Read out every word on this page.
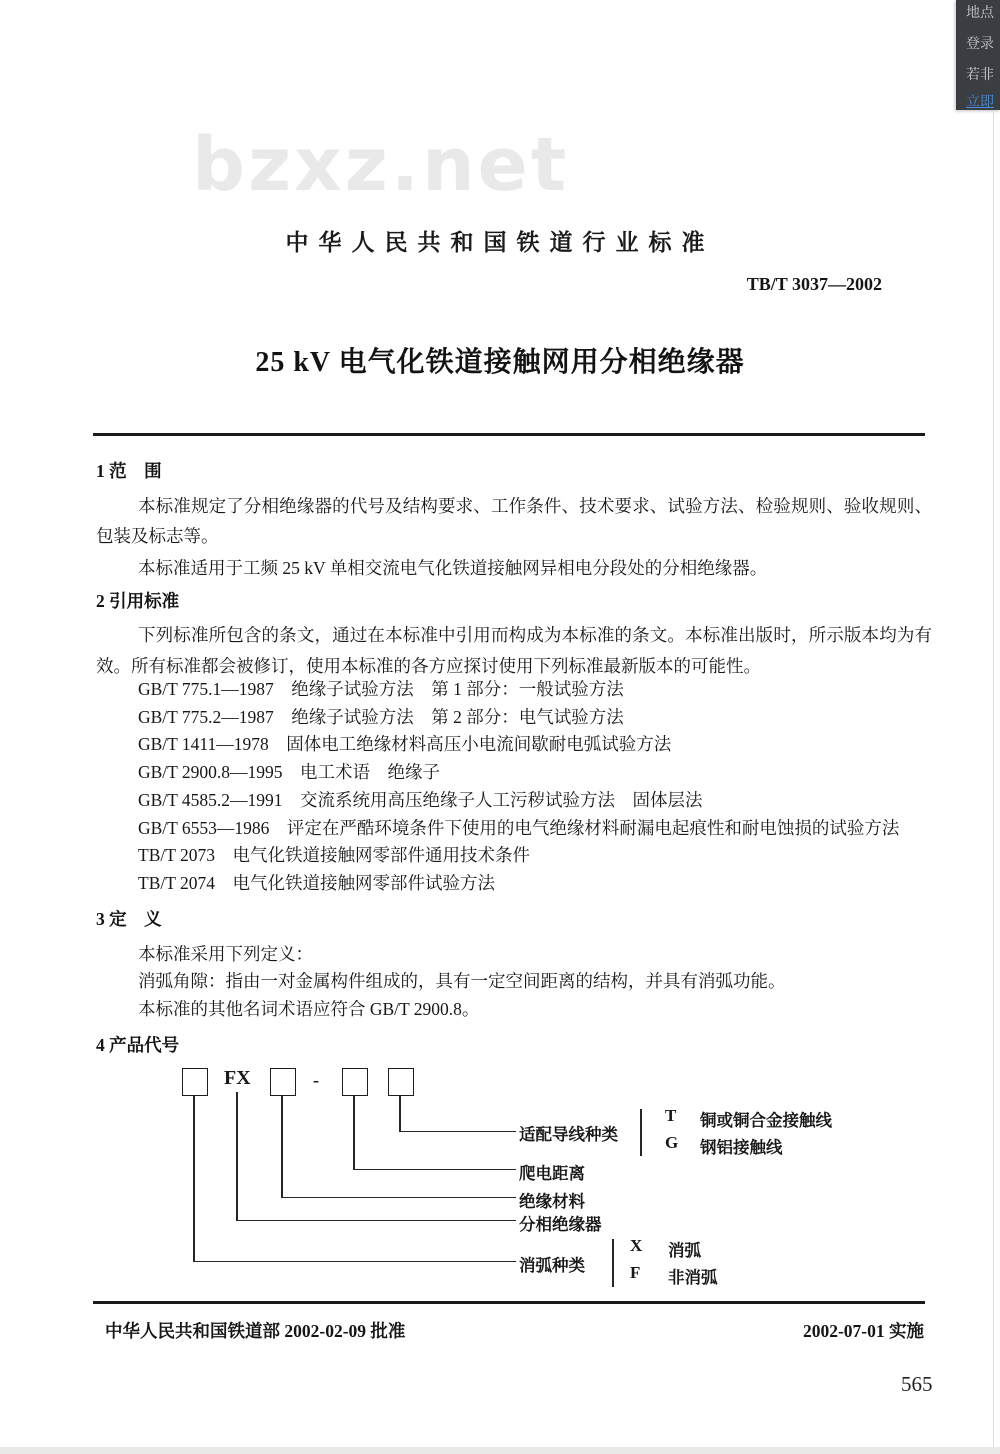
bzxz.net
中华人民共和国铁道行业标准
TB/T 3037—2002
25 kV 电气化铁道接触网用分相绝缘器
1 范　围
本标准规定了分相绝缘器的代号及结构要求、工作条件、技术要求、试验方法、检验规则、验收规则、包装及标志等。
本标准适用于工频 25 kV 单相交流电气化铁道接触网异相电分段处的分相绝缘器。
2 引用标准
下列标准所包含的条文，通过在本标准中引用而构成为本标准的条文。本标准出版时，所示版本均为有效。所有标准都会被修订，使用本标准的各方应探讨使用下列标准最新版本的可能性。
GB/T 775.1—1987　绝缘子试验方法　第 1 部分：一般试验方法
GB/T 775.2—1987　绝缘子试验方法　第 2 部分：电气试验方法
GB/T 1411—1978　固体电工绝缘材料高压小电流间歇耐电弧试验方法
GB/T 2900.8—1995　电工术语　绝缘子
GB/T 4585.2—1991　交流系统用高压绝缘子人工污秽试验方法　固体层法
GB/T 6553—1986　评定在严酷环境条件下使用的电气绝缘材料耐漏电起痕性和耐电蚀损的试验方法
TB/T 2073　电气化铁道接触网零部件通用技术条件
TB/T 2074　电气化铁道接触网零部件试验方法
3 定　义
本标准采用下列定义：
消弧角隙：指由一对金属构件组成的，具有一定空间距离的结构，并具有消弧功能。
本标准的其他名词术语应符合 GB/T 2900.8。
4 产品代号
FX	-
适配导线种类
爬电距离
绝缘材料
分相绝缘器
消弧种类
T 铜或铜合金接触线
G 钢铝接触线
X 消弧
F 非消弧
中华人民共和国铁道部 2002-02-09 批准	2002-07-01 实施
565
地点
登录
若非
立即
